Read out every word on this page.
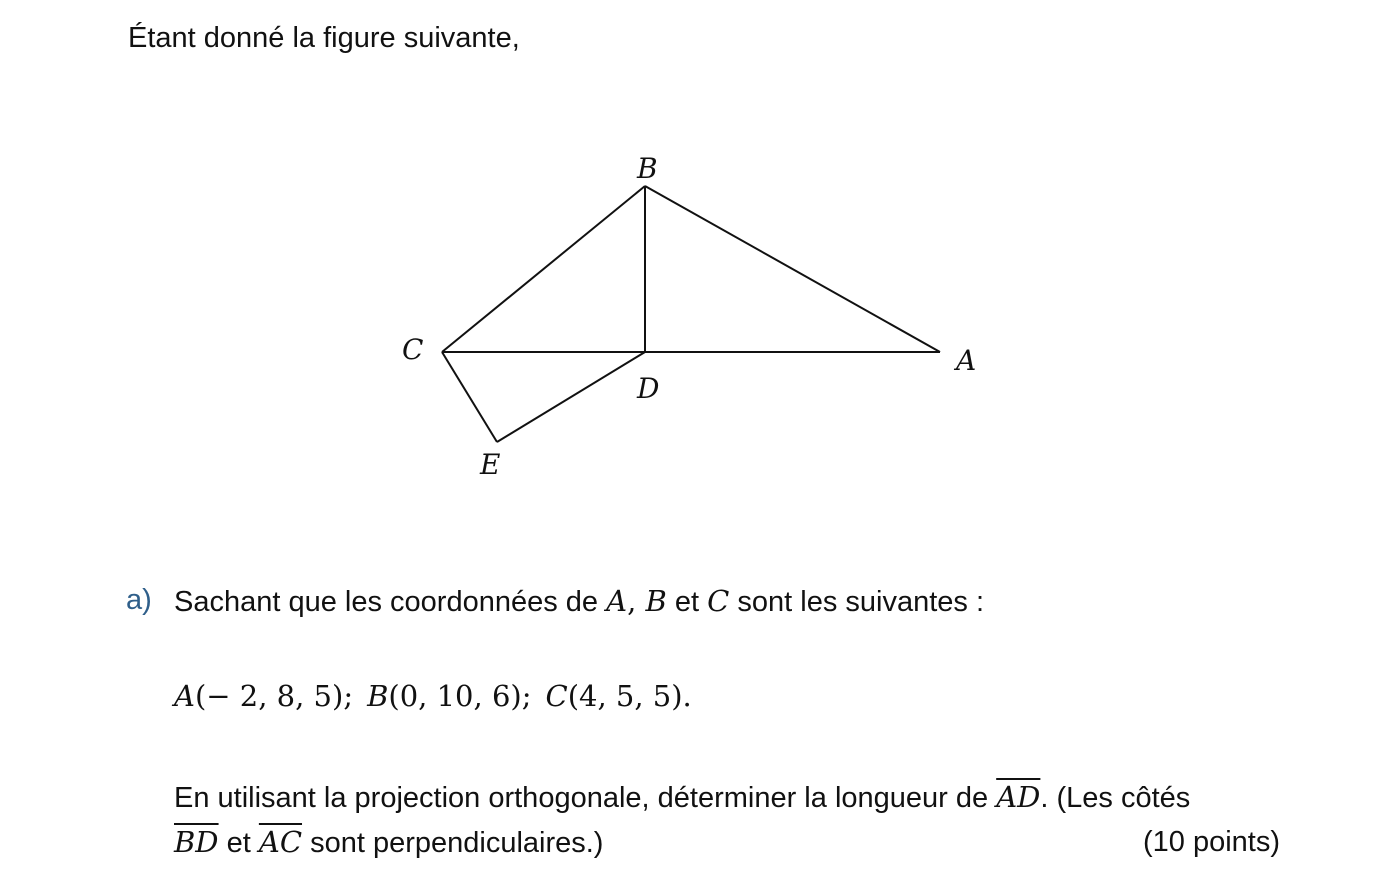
Étant donné la figure suivante,
B
C	A
D
E
a) Sachant que les coordonnées de A, B et C sont les suivantes :
A(− 2, 8, 5); B(0, 10, 6); C(4, 5, 5).
En utilisant la projection orthogonale, déterminer la longueur de $\overline{AD}$. (Les côtés
$\overline{BD}$ et $\overline{AC}$ sont perpendiculaires.)	(10 points)
